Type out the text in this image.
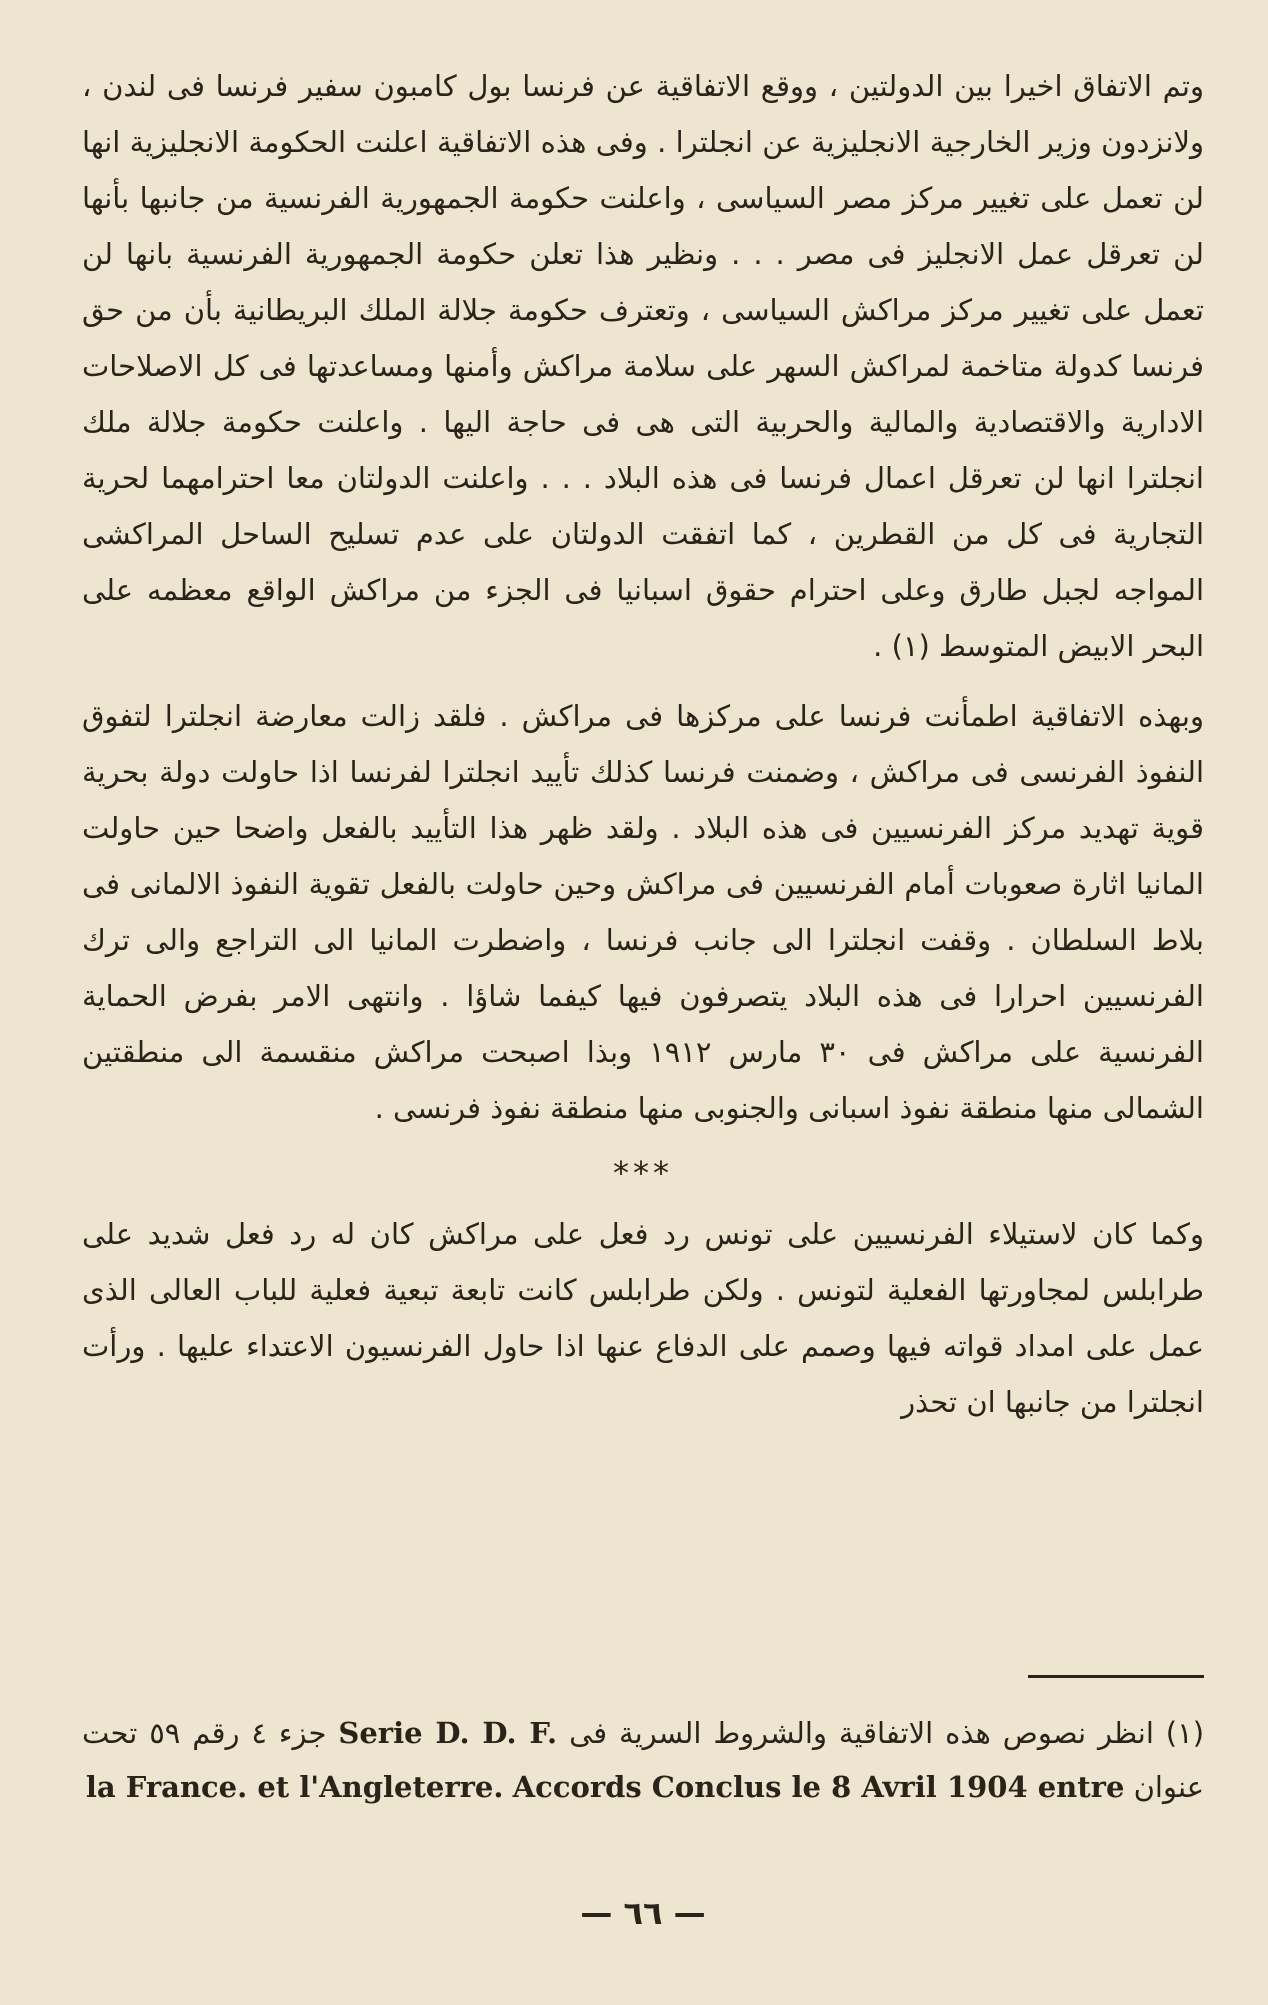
وتم الاتفاق اخيرا بين الدولتين ، ووقع الاتفاقية عن فرنسا بول كامبون سفير فرنسا فى لندن ، ولانزدون وزير الخارجية الانجليزية عن انجلترا . وفى هذه الاتفاقية اعلنت الحكومة الانجليزية انها لن تعمل على تغيير مركز مصر السياسى ، واعلنت حكومة الجمهورية الفرنسية من جانبها بأنها لن تعرقل عمل الانجليز فى مصر . . . ونظير هذا تعلن حكومة الجمهورية الفرنسية بانها لن تعمل على تغيير مركز مراكش السياسى ، وتعترف حكومة جلالة الملك البريطانية بأن من حق فرنسا كدولة متاخمة لمراكش السهر على سلامة مراكش وأمنها ومساعدتها فى كل الاصلاحات الادارية والاقتصادية والمالية والحربية التى هى فى حاجة اليها . واعلنت حكومة جلالة ملك انجلترا انها لن تعرقل اعمال فرنسا فى هذه البلاد . . . واعلنت الدولتان معا احترامهما لحرية التجارية فى كل من القطرين ، كما اتفقت الدولتان على عدم تسليح الساحل المراكشى المواجه لجبل طارق وعلى احترام حقوق اسبانيا فى الجزء من مراكش الواقع معظمه على البحر الابيض المتوسط (١) .

وبهذه الاتفاقية اطمأنت فرنسا على مركزها فى مراكش . فلقد زالت معارضة انجلترا لتفوق النفوذ الفرنسى فى مراكش ، وضمنت فرنسا كذلك تأييد انجلترا لفرنسا اذا حاولت دولة بحرية قوية تهديد مركز الفرنسيين فى هذه البلاد . ولقد ظهر هذا التأييد بالفعل واضحا حين حاولت المانيا اثارة صعوبات أمام الفرنسيين فى مراكش وحين حاولت بالفعل تقوية النفوذ الالمانى فى بلاط السلطان . وقفت انجلترا الى جانب فرنسا ، واضطرت المانيا الى التراجع والى ترك الفرنسيين احرارا فى هذه البلاد يتصرفون فيها كيفما شاؤا . وانتهى الامر بفرض الحماية الفرنسية على مراكش فى ٣٠ مارس ١٩١٢ وبذا اصبحت مراكش منقسمة الى منطقتين الشمالى منها منطقة نفوذ اسبانى والجنوبى منها منطقة نفوذ فرنسى .

***

وكما كان لاستيلاء الفرنسيين على تونس رد فعل على مراكش كان له رد فعل شديد على طرابلس لمجاورتها الفعلية لتونس . ولكن طرابلس كانت تابعة تبعية فعلية للباب العالى الذى عمل على امداد قواته فيها وصمم على الدفاع عنها اذا حاول الفرنسيون الاعتداء عليها . ورأت انجلترا من جانبها ان تحذر

(١) انظر نصوص هذه الاتفاقية والشروط السرية فى Serie D. D. F. جزء ٤ رقم ٥٩ تحت عنوان Accords Conclus le 8 Avril 1904 entre la France. et l'Angleterre.

— ٦٦ —
